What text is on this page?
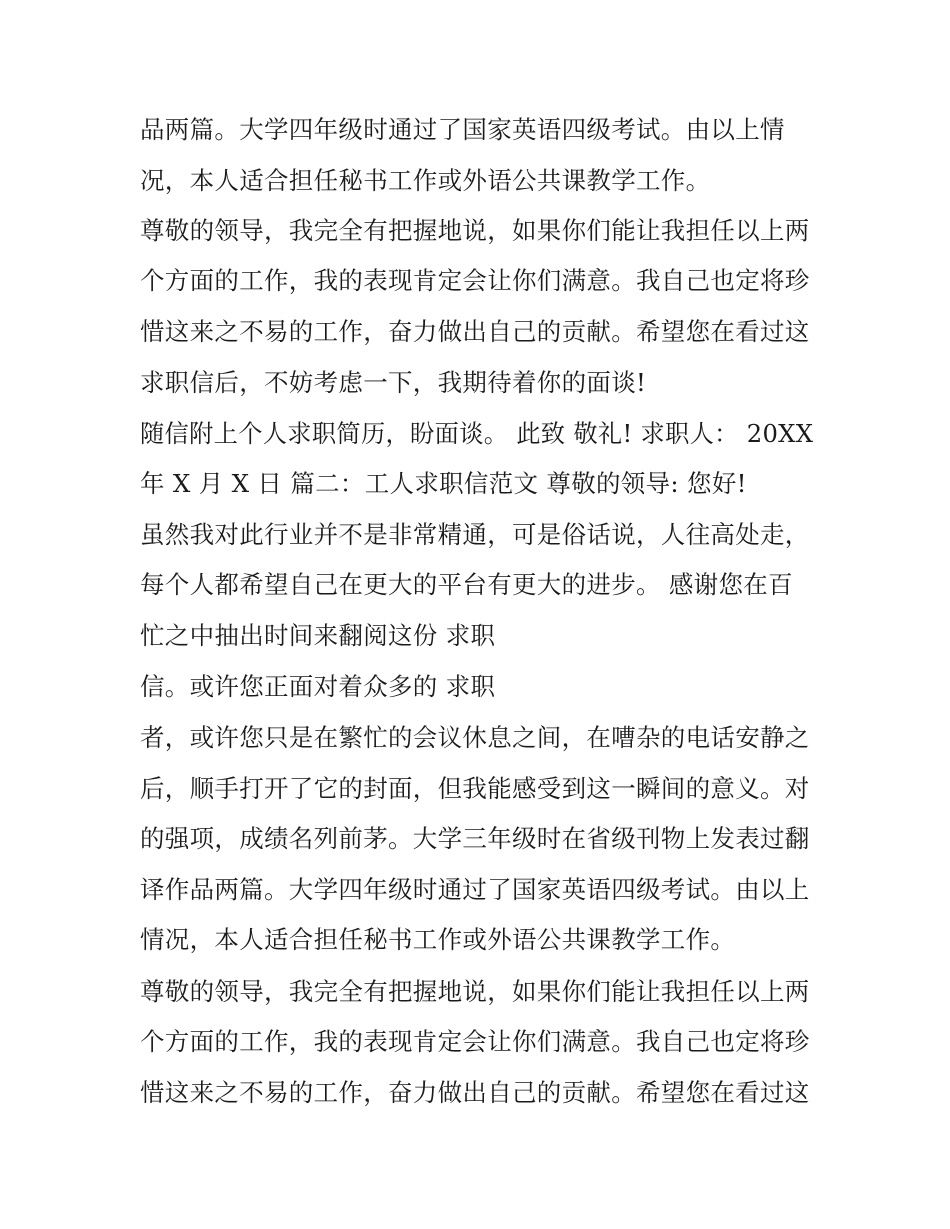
品两篇。大学四年级时通过了国家英语四级考试。由以上情
况，本人适合担任秘书工作或外语公共课教学工作。
尊敬的领导，我完全有把握地说，如果你们能让我担任以上两
个方面的工作，我的表现肯定会让你们满意。我自己也定将珍
惜这来之不易的工作，奋力做出自己的贡献。希望您在看过这
求职信后，不妨考虑一下，我期待着你的面谈!
随信附上个人求职简历，盼面谈。 此致 敬礼! 求职人： 20XX
年 X 月 X 日 篇二：工人求职信范文 尊敬的领导: 您好!
虽然我对此行业并不是非常精通，可是俗话说，人往高处走，
每个人都希望自己在更大的平台有更大的进步。 感谢您在百
忙之中抽出时间来翻阅这份 求职
信。或许您正面对着众多的 求职
者，或许您只是在繁忙的会议休息之间，在嘈杂的电话安静之
后，顺手打开了它的封面，但我能感受到这一瞬间的意义。对
的强项，成绩名列前茅。大学三年级时在省级刊物上发表过翻
译作品两篇。大学四年级时通过了国家英语四级考试。由以上
情况，本人适合担任秘书工作或外语公共课教学工作。
尊敬的领导，我完全有把握地说，如果你们能让我担任以上两
个方面的工作，我的表现肯定会让你们满意。我自己也定将珍
惜这来之不易的工作，奋力做出自己的贡献。希望您在看过这
